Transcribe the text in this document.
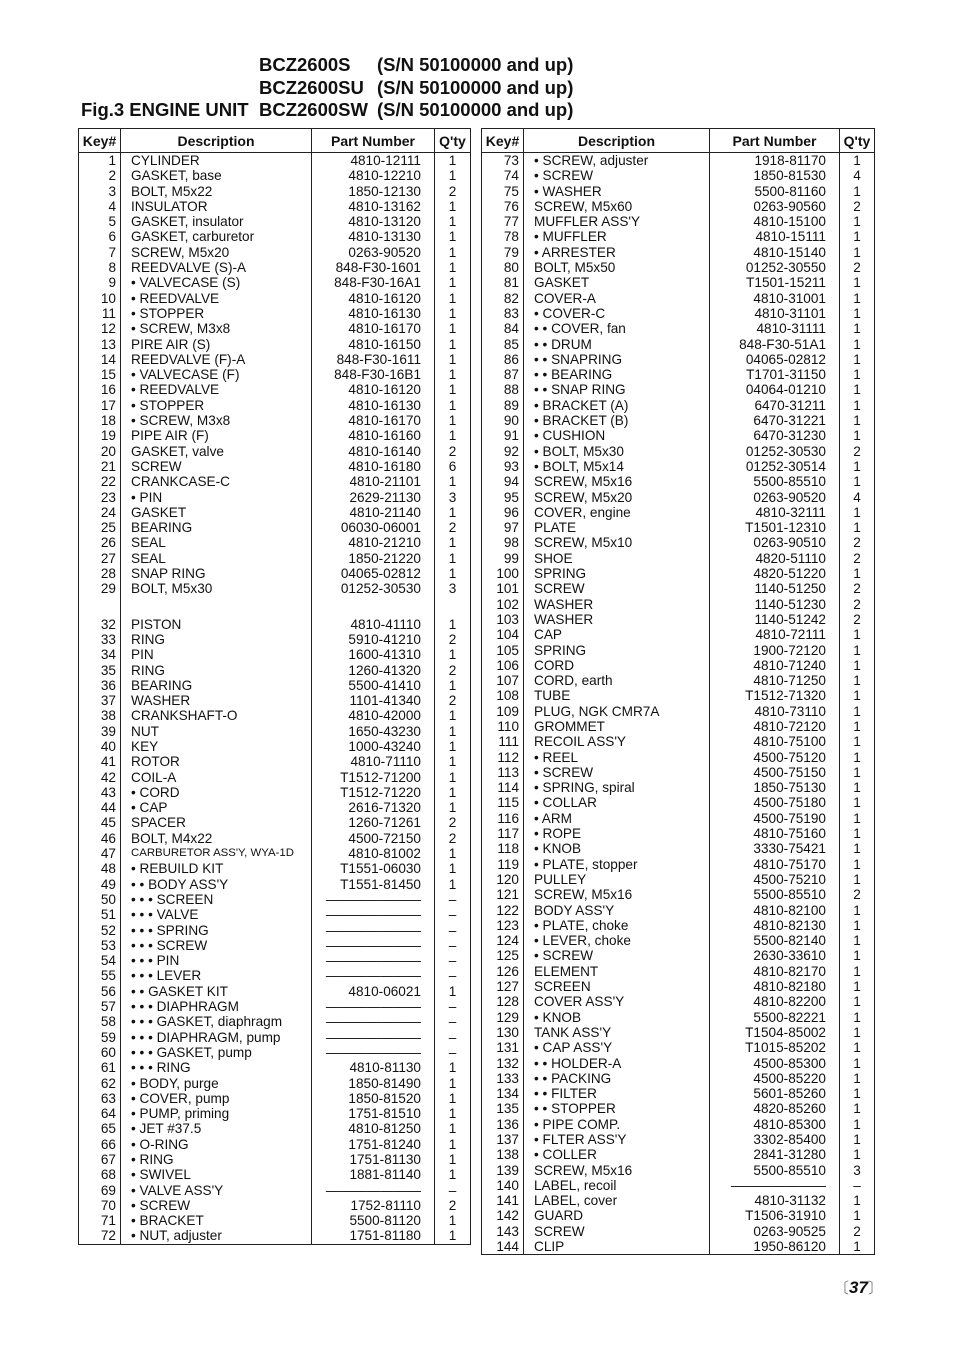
BCZ2600S	(S/N 50100000 and up)
BCZ2600SU (S/N 50100000 and up)
Fig.3 ENGINE UNIT BCZ2600SW (S/N 50100000 and up)
Key#	Description	Part Number	Q'ty
1	CYLINDER	4810-12111	1
2	GASKET, base	4810-12210	1
3	BOLT, M5x22	1850-12130	2
4	INSULATOR	4810-13162	1
5	GASKET, insulator	4810-13120	1
6	GASKET, carburetor	4810-13130	1
7	SCREW, M5x20	0263-90520	1
8	REEDVALVE (S)-A	848-F30-1601	1
9	• VALVECASE (S)	848-F30-16A1	1
10	• REEDVALVE	4810-16120	1
11	• STOPPER	4810-16130	1
12	• SCREW, M3x8	4810-16170	1
13	PIRE AIR (S)	4810-16150	1
14	REEDVALVE (F)-A	848-F30-1611	1
15	• VALVECASE (F)	848-F30-16B1	1
16	• REEDVALVE	4810-16120	1
17	• STOPPER	4810-16130	1
18	• SCREW, M3x8	4810-16170	1
19	PIPE AIR (F)	4810-16160	1
20	GASKET, valve	4810-16140	2
21	SCREW	4810-16180	6
22	CRANKCASE-C	4810-21101	1
23	• PIN	2629-21130	3
24	GASKET	4810-21140	1
25	BEARING	06030-06001	2
26	SEAL	4810-21210	1
27	SEAL	1850-21220	1
28	SNAP RING	04065-02812	1
29	BOLT, M5x30	01252-30530	3

32	PISTON	4810-41110	1
33	RING	5910-41210	2
34	PIN	1600-41310	1
35	RING	1260-41320	2
36	BEARING	5500-41410	1
37	WASHER	1101-41340	2
38	CRANKSHAFT-O	4810-42000	1
39	NUT	1650-43230	1
40	KEY	1000-43240	1
41	ROTOR	4810-71110	1
42	COIL-A	T1512-71200	1
43	• CORD	T1512-71220	1
44	• CAP	2616-71320	1
45	SPACER	1260-71261	2
46	BOLT, M4x22	4500-72150	2
47	CARBURETOR ASS'Y, WYA-1D	4810-81002	1
48	• REBUILD KIT	T1551-06030	1
49	• • BODY ASS'Y	T1551-81450	1
50	• • • SCREEN	———————	–
51	• • • VALVE	———————	–
52	• • • SPRING	———————	–
53	• • • SCREW	———————	–
54	• • • PIN	———————	–
55	• • • LEVER	———————	–
56	• • GASKET KIT	4810-06021	1
57	• • • DIAPHRAGM	———————	–
58	• • • GASKET, diaphragm	———————	–
59	• • • DIAPHRAGM, pump	———————	–
60	• • • GASKET, pump	———————	–
61	• • • RING	4810-81130	1
62	• BODY, purge	1850-81490	1
63	• COVER, pump	1850-81520	1
64	• PUMP, priming	1751-81510	1
65	• JET #37.5	4810-81250	1
66	• O-RING	1751-81240	1
67	• RING	1751-81130	1
68	• SWIVEL	1881-81140	1
69	• VALVE ASS'Y	———————	–
70	• SCREW	1752-81110	2
71	• BRACKET	5500-81120	1
72	• NUT, adjuster	1751-81180	1
Key#	Description	Part Number	Q'ty
73	• SCREW, adjuster	1918-81170	1
74	• SCREW	1850-81530	4
75	• WASHER	5500-81160	1
76	SCREW, M5x60	0263-90560	2
77	MUFFLER ASS'Y	4810-15100	1
78	• MUFFLER	4810-15111	1
79	• ARRESTER	4810-15140	1
80	BOLT, M5x50	01252-30550	2
81	GASKET	T1501-15211	1
82	COVER-A	4810-31001	1
83	• COVER-C	4810-31101	1
84	• • COVER, fan	4810-31111	1
85	• • DRUM	848-F30-51A1	1
86	• • SNAPRING	04065-02812	1
87	• • BEARING	T1701-31150	1
88	• • SNAP RING	04064-01210	1
89	• BRACKET (A)	6470-31211	1
90	• BRACKET (B)	6470-31221	1
91	• CUSHION	6470-31230	1
92	• BOLT, M5x30	01252-30530	2
93	• BOLT, M5x14	01252-30514	1
94	SCREW, M5x16	5500-85510	1
95	SCREW, M5x20	0263-90520	4
96	COVER, engine	4810-32111	1
97	PLATE	T1501-12310	1
98	SCREW, M5x10	0263-90510	2
99	SHOE	4820-51110	2
100	SPRING	4820-51220	1
101	SCREW	1140-51250	2
102	WASHER	1140-51230	2
103	WASHER	1140-51242	2
104	CAP	4810-72111	1
105	SPRING	1900-72120	1
106	CORD	4810-71240	1
107	CORD, earth	4810-71250	1
108	TUBE	T1512-71320	1
109	PLUG, NGK CMR7A	4810-73110	1
110	GROMMET	4810-72120	1
111	RECOIL ASS'Y	4810-75100	1
112	• REEL	4500-75120	1
113	• SCREW	4500-75150	1
114	• SPRING, spiral	1850-75130	1
115	• COLLAR	4500-75180	1
116	• ARM	4500-75190	1
117	• ROPE	4810-75160	1
118	• KNOB	3330-75421	1
119	• PLATE, stopper	4810-75170	1
120	PULLEY	4500-75210	1
121	SCREW, M5x16	5500-85510	2
122	BODY ASS'Y	4810-82100	1
123	• PLATE, choke	4810-82130	1
124	• LEVER, choke	5500-82140	1
125	• SCREW	2630-33610	1
126	ELEMENT	4810-82170	1
127	SCREEN	4810-82180	1
128	COVER ASS'Y	4810-82200	1
129	• KNOB	5500-82221	1
130	TANK ASS'Y	T1504-85002	1
131	• CAP ASS'Y	T1015-85202	1
132	• • HOLDER-A	4500-85300	1
133	• • PACKING	4500-85220	1
134	• • FILTER	5601-85260	1
135	• • STOPPER	4820-85260	1
136	• PIPE COMP.	4810-85300	1
137	• FLTER ASS'Y	3302-85400	1
138	• COLLER	2841-31280	1
139	SCREW, M5x16	5500-85510	3
140	LABEL, recoil	———————	–
141	LABEL, cover	4810-31132	1
142	GUARD	T1506-31910	1
143	SCREW	0263-90525	2
144	CLIP	1950-86120	1
〔37〕
